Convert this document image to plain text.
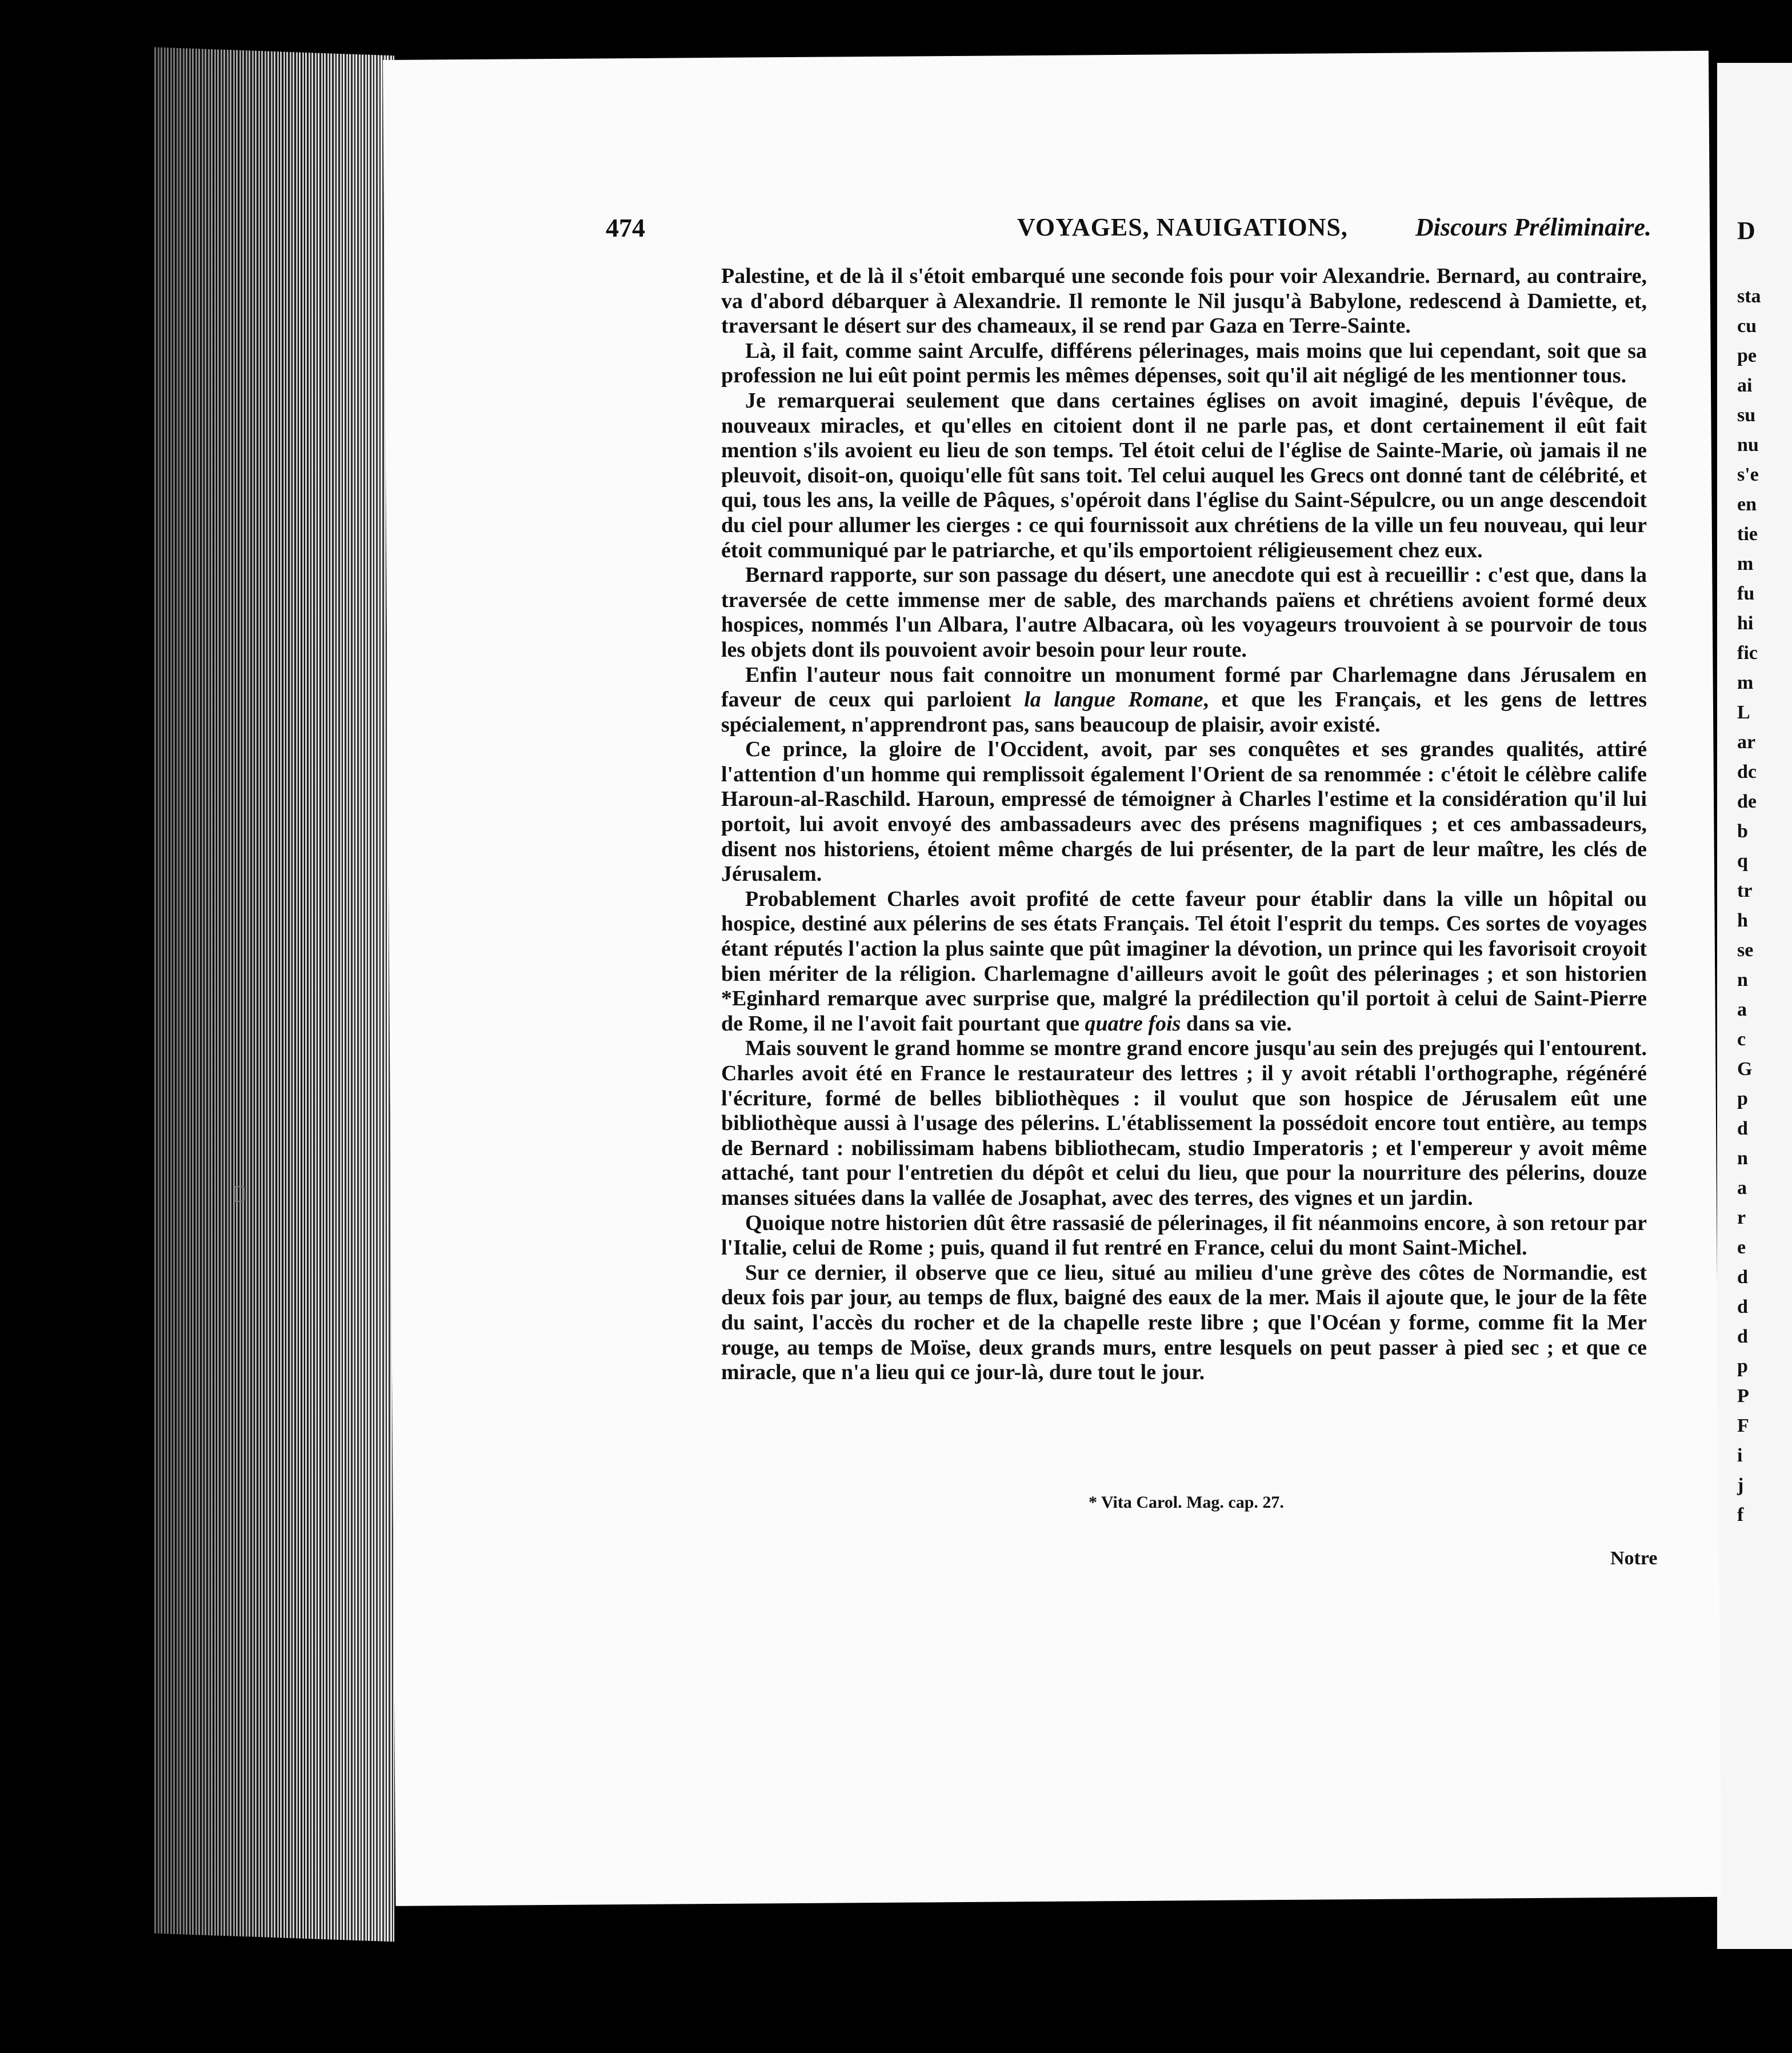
D
sta
cu
pe
ai
su
nu
s'e
en
tie
m
fu
hi
fic
m
L
ar
dc
de
b
q
tr
h
se
n
a
c
G
p
d
n
a
r
e
d
d
d
p
P
F
i
j
f
474	VOYAGES, NAUIGATIONS,	Discours Préliminaire.

Palestine, et de là il s'étoit embarqué une seconde fois pour voir Alexandrie. Bernard, au contraire, va d'abord débarquer à Alexandrie. Il remonte le Nil jusqu'à Babylone, redescend à Damiette, et, traversant le désert sur des chameaux, il se rend par Gaza en Terre-Sainte.

Là, il fait, comme saint Arculfe, différens pélerinages, mais moins que lui cependant, soit que sa profession ne lui eût point permis les mêmes dépenses, soit qu'il ait négligé de les mentionner tous.

Je remarquerai seulement que dans certaines églises on avoit imaginé, depuis l'évêque, de nouveaux miracles, et qu'elles en citoient dont il ne parle pas, et dont certainement il eût fait mention s'ils avoient eu lieu de son temps. Tel étoit celui de l'église de Sainte-Marie, où jamais il ne pleuvoit, disoit-on, quoiqu'elle fût sans toit. Tel celui auquel les Grecs ont donné tant de célébrité, et qui, tous les ans, la veille de Pâques, s'opéroit dans l'église du Saint-Sépulcre, ou un ange descendoit du ciel pour allumer les cierges : ce qui fournissoit aux chrétiens de la ville un feu nouveau, qui leur étoit communiqué par le patriarche, et qu'ils emportoient réligieusement chez eux.

Bernard rapporte, sur son passage du désert, une anecdote qui est à recueillir : c'est que, dans la traversée de cette immense mer de sable, des marchands païens et chrétiens avoient formé deux hospices, nommés l'un Albara, l'autre Albacara, où les voyageurs trouvoient à se pourvoir de tous les objets dont ils pouvoient avoir besoin pour leur route.

Enfin l'auteur nous fait connoitre un monument formé par Charlemagne dans Jérusalem en faveur de ceux qui parloient la langue Romane, et que les Français, et les gens de lettres spécialement, n'apprendront pas, sans beaucoup de plaisir, avoir existé.

Ce prince, la gloire de l'Occident, avoit, par ses conquêtes et ses grandes qualités, attiré l'attention d'un homme qui remplissoit également l'Orient de sa renommée : c'étoit le célèbre calife Haroun-al-Raschild. Haroun, empressé de témoigner à Charles l'estime et la considération qu'il lui portoit, lui avoit envoyé des ambassadeurs avec des présens magnifiques ; et ces ambassadeurs, disent nos historiens, étoient même chargés de lui présenter, de la part de leur maître, les clés de Jérusalem.

Probablement Charles avoit profité de cette faveur pour établir dans la ville un hôpital ou hospice, destiné aux pélerins de ses états Français. Tel étoit l'esprit du temps. Ces sortes de voyages étant réputés l'action la plus sainte que pût imaginer la dévotion, un prince qui les favorisoit croyoit bien mériter de la réligion. Charlemagne d'ailleurs avoit le goût des pélerinages ; et son historien *Eginhard remarque avec surprise que, malgré la prédilection qu'il portoit à celui de Saint-Pierre de Rome, il ne l'avoit fait pourtant que quatre fois dans sa vie.

Mais souvent le grand homme se montre grand encore jusqu'au sein des prejugés qui l'entourent. Charles avoit été en France le restaurateur des lettres ; il y avoit rétabli l'orthographe, régénéré l'écriture, formé de belles bibliothèques : il voulut que son hospice de Jérusalem eût une bibliothèque aussi à l'usage des pélerins. L'établissement la possédoit encore tout entière, au temps de Bernard : nobilissimam habens bibliothecam, studio Imperatoris ; et l'empereur y avoit même attaché, tant pour l'entretien du dépôt et celui du lieu, que pour la nourriture des pélerins, douze manses situées dans la vallée de Josaphat, avec des terres, des vignes et un jardin.

Quoique notre historien dût être rassasié de pélerinages, il fit néanmoins encore, à son retour par l'Italie, celui de Rome ; puis, quand il fut rentré en France, celui du mont Saint-Michel.

Sur ce dernier, il observe que ce lieu, situé au milieu d'une grève des côtes de Normandie, est deux fois par jour, au temps de flux, baigné des eaux de la mer. Mais il ajoute que, le jour de la fête du saint, l'accès du rocher et de la chapelle reste libre ; que l'Océan y forme, comme fit la Mer rouge, au temps de Moïse, deux grands murs, entre lesquels on peut passer à pied sec ; et que ce miracle, que n'a lieu qui ce jour-là, dure tout le jour.

* Vita Carol. Mag. cap. 27.
Notre
